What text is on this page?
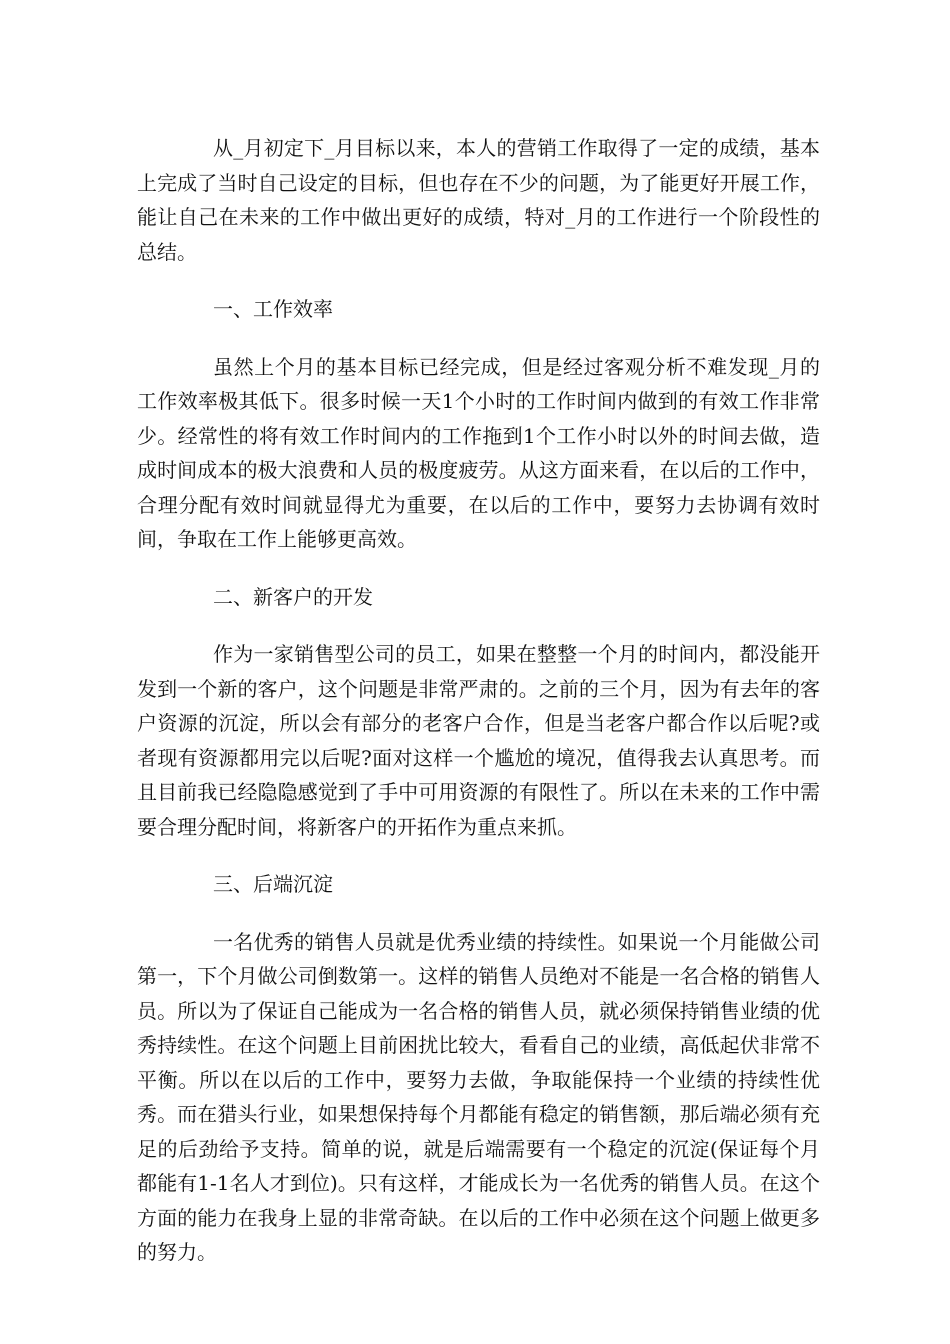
从_月初定下_月目标以来，本人的营销工作取得了一定的成绩，基本上完成了当时自己设定的目标，但也存在不少的问题，为了能更好开展工作，能让自己在未来的工作中做出更好的成绩，特对_月的工作进行一个阶段性的总结。

一、工作效率

虽然上个月的基本目标已经完成，但是经过客观分析不难发现_月的工作效率极其低下。很多时候一天1个小时的工作时间内做到的有效工作非常少。经常性的将有效工作时间内的工作拖到1个工作小时以外的时间去做，造成时间成本的极大浪费和人员的极度疲劳。从这方面来看，在以后的工作中，合理分配有效时间就显得尤为重要，在以后的工作中，要努力去协调有效时间，争取在工作上能够更高效。

二、新客户的开发

作为一家销售型公司的员工，如果在整整一个月的时间内，都没能开发到一个新的客户，这个问题是非常严肃的。之前的三个月，因为有去年的客户资源的沉淀，所以会有部分的老客户合作，但是当老客户都合作以后呢?或者现有资源都用完以后呢?面对这样一个尴尬的境况，值得我去认真思考。而且目前我已经隐隐感觉到了手中可用资源的有限性了。所以在未来的工作中需要合理分配时间，将新客户的开拓作为重点来抓。

三、后端沉淀

一名优秀的销售人员就是优秀业绩的持续性。如果说一个月能做公司第一，下个月做公司倒数第一。这样的销售人员绝对不能是一名合格的销售人员。所以为了保证自己能成为一名合格的销售人员，就必须保持销售业绩的优秀持续性。在这个问题上目前困扰比较大，看看自己的业绩，高低起伏非常不平衡。所以在以后的工作中，要努力去做，争取能保持一个业绩的持续性优秀。而在猎头行业，如果想保持每个月都能有稳定的销售额，那后端必须有充足的后劲给予支持。简单的说，就是后端需要有一个稳定的沉淀(保证每个月都能有1-1名人才到位)。只有这样，才能成长为一名优秀的销售人员。在这个方面的能力在我身上显的非常奇缺。在以后的工作中必须在这个问题上做更多的努力。
